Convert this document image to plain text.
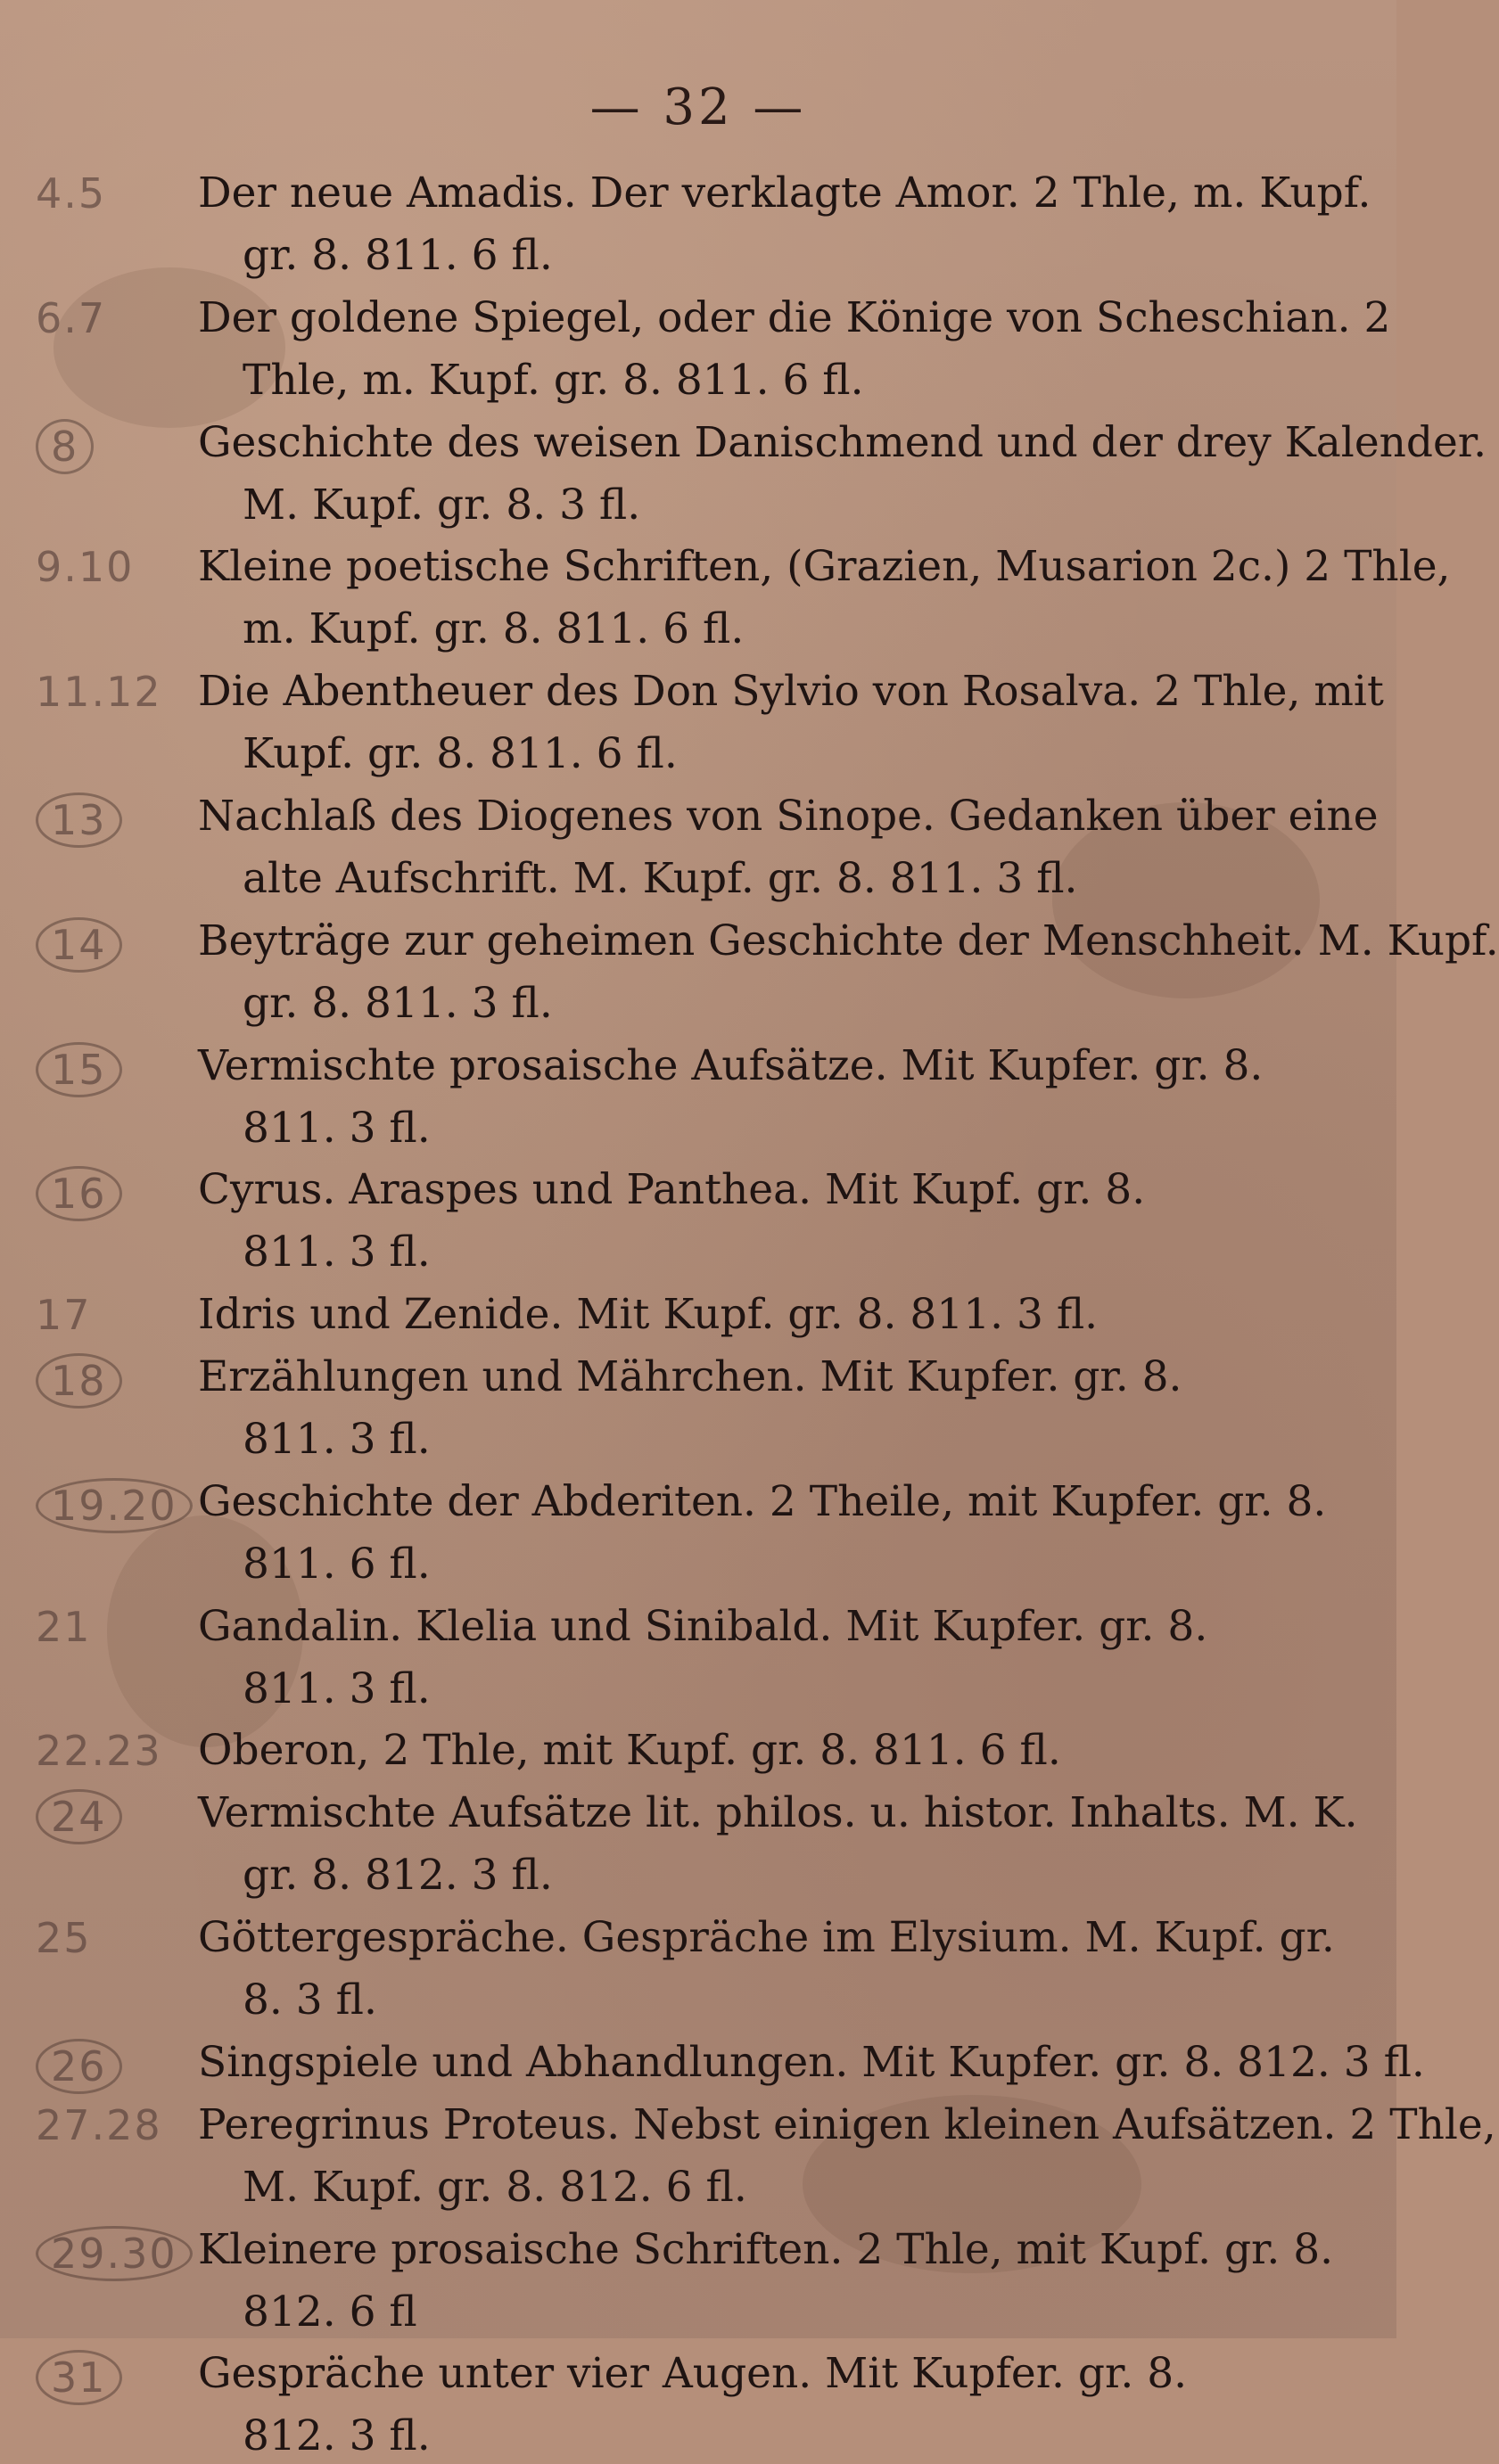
— 32 —
4.5	Der neue Amadis. Der verklagte Amor. 2 Thle, m. Kupf.
gr. 8. 811. 6 fl.
6.7	Der goldene Spiegel, oder die Könige von Scheschian. 2
Thle, m. Kupf. gr. 8. 811. 6 fl.
8	Geschichte des weisen Danischmend und der drey Kalender.
M. Kupf. gr. 8. 3 fl.
9.10	Kleine poetische Schriften, (Grazien, Musarion 2c.) 2 Thle,
m. Kupf. gr. 8. 811. 6 fl.
11.12 Die Abentheuer des Don Sylvio von Rosalva. 2 Thle, mit
Kupf. gr. 8. 811. 6 fl.
13	Nachlaß des Diogenes von Sinope. Gedanken über eine
alte Aufschrift. M. Kupf. gr. 8. 811. 3 fl.
14	Beyträge zur geheimen Geschichte der Menschheit. M. Kupf.
gr. 8. 811. 3 fl.
15	Vermischte prosaische Aufsätze. Mit Kupfer. gr. 8.
811. 3 fl.
16	Cyrus. Araspes und Panthea. Mit Kupf. gr. 8.
811. 3 fl.
17	Idris und Zenide. Mit Kupf. gr. 8. 811. 3 fl.
18	Erzählungen und Mährchen. Mit Kupfer. gr. 8.
811. 3 fl.
19.20 Geschichte der Abderiten. 2 Theile, mit Kupfer. gr. 8.
811. 6 fl.
21	Gandalin. Klelia und Sinibald. Mit Kupfer. gr. 8.
811. 3 fl.
22.23 Oberon, 2 Thle, mit Kupf. gr. 8. 811. 6 fl.
24	Vermischte Aufsätze lit. philos. u. histor. Inhalts. M. K.
gr. 8. 812. 3 fl.
25	Göttergespräche. Gespräche im Elysium. M. Kupf. gr.
8. 3 fl.
26	Singspiele und Abhandlungen. Mit Kupfer. gr. 8. 812. 3 fl.
27.28 Peregrinus Proteus. Nebst einigen kleinen Aufsätzen. 2 Thle,
M. Kupf. gr. 8. 812. 6 fl.
29.30 Kleinere prosaische Schriften. 2 Thle, mit Kupf. gr. 8.
812. 6 fl
31	Gespräche unter vier Augen. Mit Kupfer. gr. 8.
812. 3 fl.
